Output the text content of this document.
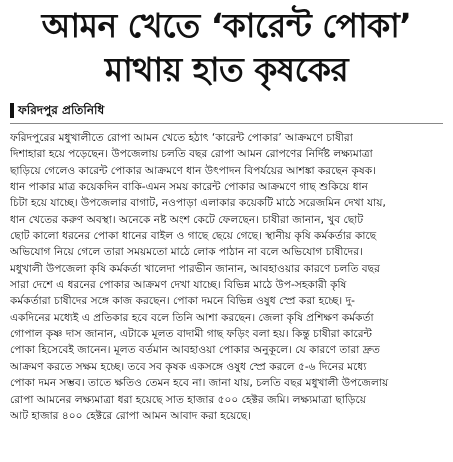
আমন খেতে ‘কারেন্ট পোকা’
মাথায় হাত কৃষকের
ফরিদপুর প্রতিনিধি
ফরিদপুরের মধুখালীতে রোপা আমন খেতে হঠাৎ ‘কারেন্ট পোকার’ আক্রমণে চাষীরা
দিশাহারা হয়ে পড়েছেন। উপজেলায় চলতি বছর রোপা আমন রোপণের নির্দিষ্ট লক্ষ্যমাত্রা
ছাড়িয়ে গেলেও কারেন্ট পোকার আক্রমণে ধান উৎপাদন বিপর্যয়ের আশঙ্কা করছেন কৃষক।
ধান পাকার মাত্র কয়েকদিন বাকি-এমন সময় কারেন্ট পোকার আক্রমণে গাছ শুকিয়ে ধান
চিটা হয়ে যাচ্ছে। উপজেলার বাগাট, নওপাড়া এলাকার কয়েকটি মাঠে সরেজমিন দেখা যায়,
ধান খেতের করুণ অবস্থা। অনেকে নষ্ট অংশ কেটে ফেলছেন। চাষীরা জানান, খুব ছোট
ছোট কালো ধরনের পোকা ধানের বাইল ও গাছে ছেয়ে গেছে। স্থানীয় কৃষি কর্মকর্তার কাছে
অভিযোগ নিয়ে গেলে তারা সময়মতো মাঠে লোক পাঠান না বলে অভিযোগ চাষীদের।
মধুখালী উপজেলা কৃষি কর্মকর্তা খালেদা পারভীন জানান, আবহাওয়ার কারণে চলতি বছর
সারা দেশে এ ধরনের পোকার আক্রমণ দেখা যাচ্ছে। বিভিন্ন মাঠে উপ-সহকারী কৃষি
কর্মকর্তারা চাষীদের সঙ্গে কাজ করছেন। পোকা দমনে বিভিন্ন ওষুধ স্প্রে করা হচ্ছে। দু-
একদিনের মধ্যেই এ প্রতিকার হবে বলে তিনি আশা করছেন। জেলা কৃষি প্রশিক্ষণ কর্মকর্তা
গোপাল কৃষ্ণ দাস জানান, এটাকে মূলত বাদামী গাছ ফড়িং বলা হয়। কিন্তু চাষীরা কারেন্ট
পোকা হিসেবেই জানেন। মূলত বর্তমান আবহাওয়া পোকার অনুকূলে। যে কারণে তারা দ্রুত
আক্রমণ করতে সক্ষম হচ্ছে। তবে সব কৃষক একসঙ্গে ওষুধ স্প্রে করলে ৫-৬ দিনের মধ্যে
পোকা দমন সম্ভব। তাতে ক্ষতিও তেমন হবে না। জানা যায়, চলতি বছর মধুখালী উপজেলায়
রোপা আমনের লক্ষ্যমাত্রা ধরা হয়েছে সাত হাজার ৫০০ হেক্টর জমি। লক্ষ্যমাত্রা ছাড়িয়ে
আট হাজার ৪০০ হেক্টরে রোপা আমন আবাদ করা হয়েছে।
